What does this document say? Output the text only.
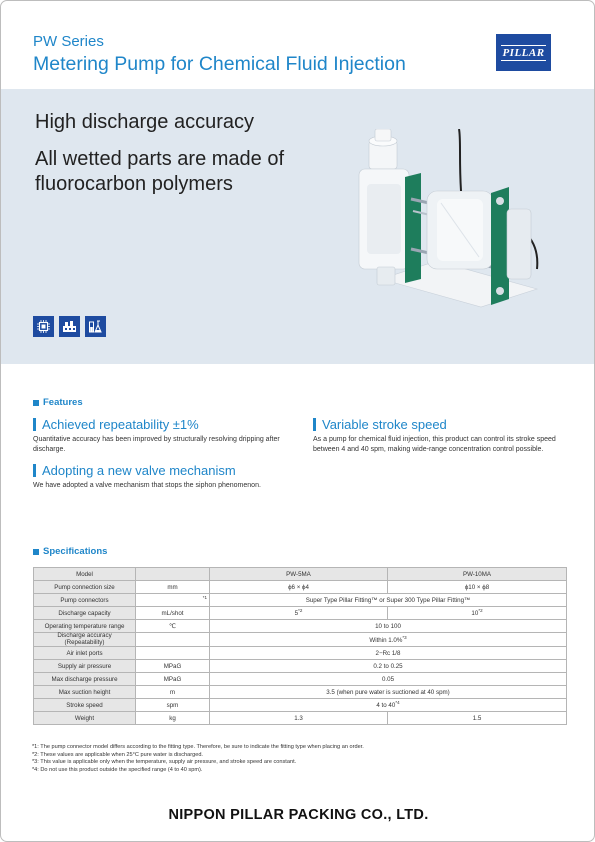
PW Series
Metering Pump for Chemical Fluid Injection
PILLAR
High discharge accuracy
All wetted parts are made of fluorocarbon polymers
Features
Achieved repeatability ±1%
Quantitative accuracy has been improved by structurally resolving dripping after discharge.
Adopting a new valve mechanism
We have adopted a valve mechanism that stops the siphon phenomenon.
Variable stroke speed
As a pump for chemical fluid injection, this product can control its stroke speed between 4 and 40 spm, making wide-range concentration control possible.
Specifications
Model		PW-5MA	PW-10MA
Pump connection size	mm	ϕ6 × ϕ4	ϕ10 × ϕ8
Pump connectors	$^{*1}$	Super Type Pillar Fitting™ or Super 300 Type Pillar Fitting™	
Discharge capacity	mL/shot	5$^{*2}$	10$^{*2}$
Operating temperature range	℃	10 to 100	
Discharge accuracy
(Repeatability)		Within 1.0%$^{*3}$
Air inlet ports		2−Rc 1/8	
Supply air pressure	MPaG	0.2 to 0.25	
Max discharge pressure	MPaG	0.05	
Max suction height	m	3.5 (when pure water is suctioned at 40 spm)	
Stroke speed	spm	4 to 40$^{*4}$
Weight	kg	1.3	1.5
*1: The pump connector model differs according to the fitting type. Therefore, be sure to indicate the fitting type when placing an order.
*2: These values are applicable when 25°C pure water is discharged.
*3: This value is applicable only when the temperature, supply air pressure, and stroke speed are constant.
*4: Do not use this product outside the specified range (4 to 40 spm).
NIPPON PILLAR PACKING CO., LTD.
